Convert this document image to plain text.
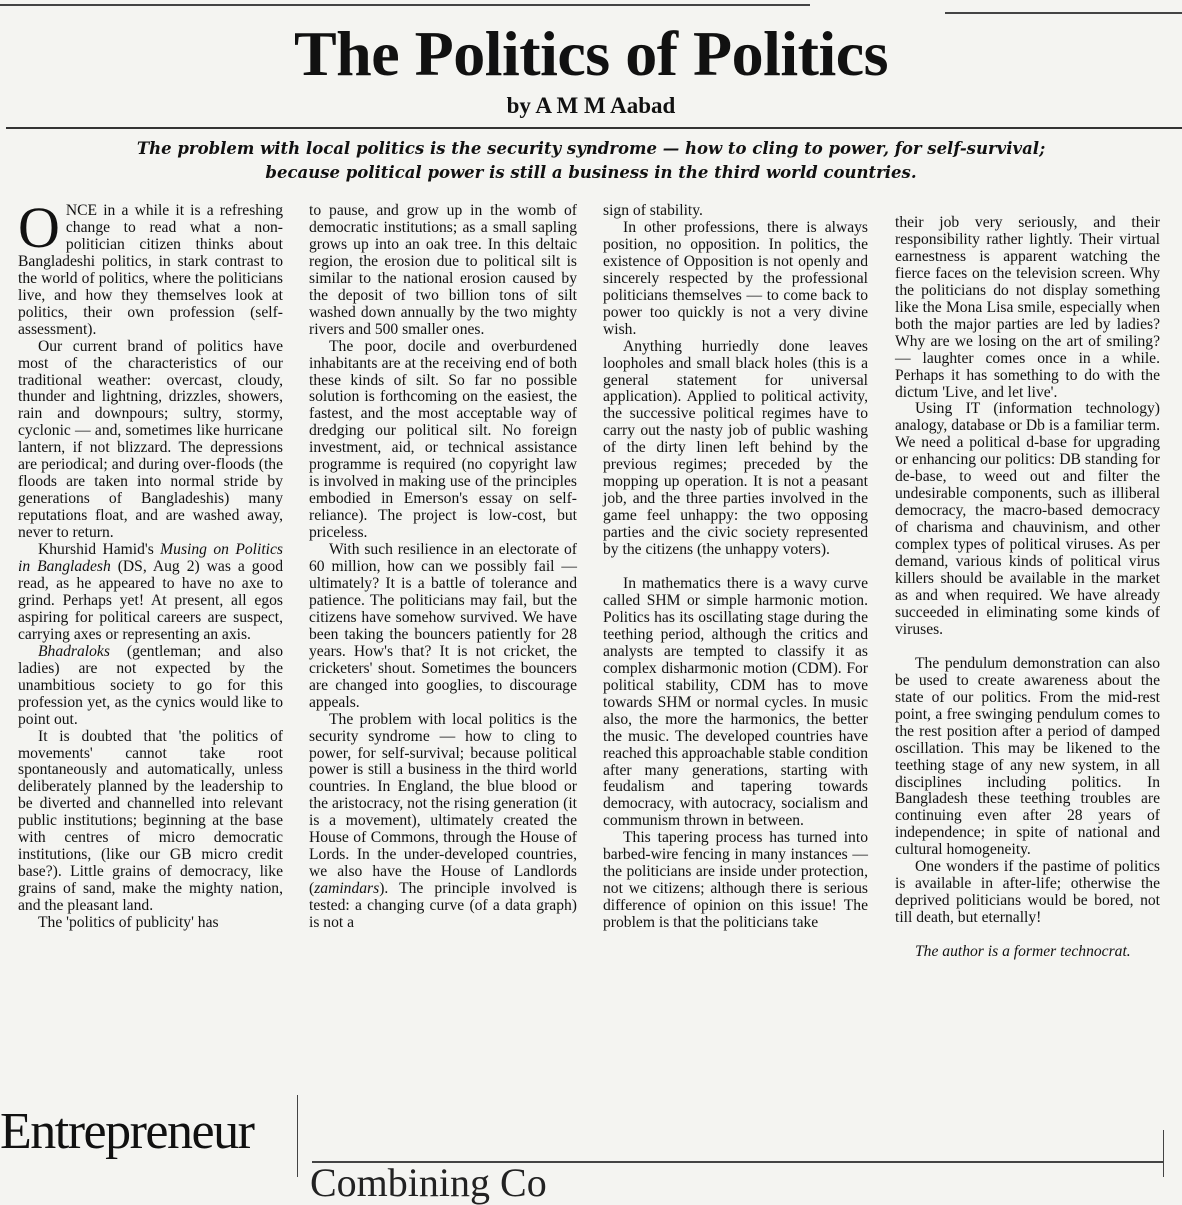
The Politics of Politics
by A M M Aabad
The problem with local politics is the security syndrome — how to cling to power, for self-survival;
because political power is still a business in the third world countries.

ONCE in a while it is a refreshing change to read what a non-politician citizen thinks about Bangladeshi politics, in stark contrast to the world of politics, where the politicians live, and how they themselves look at politics, their own profession (self-assessment).

Our current brand of politics have most of the characteristics of our traditional weather: overcast, cloudy, thunder and lightning, drizzles, showers, rain and downpours; sultry, stormy, cyclonic — and, sometimes like hurricane lantern, if not blizzard. The depressions are periodical; and during over-floods (the floods are taken into normal stride by generations of Bangladeshis) many reputations float, and are washed away, never to return.

Khurshid Hamid's Musing on Politics in Bangladesh (DS, Aug 2) was a good read, as he appeared to have no axe to grind. Perhaps yet! At present, all egos aspiring for political careers are suspect, carrying axes or representing an axis.

Bhadraloks (gentleman; and also ladies) are not expected by the unambitious society to go for this profession yet, as the cynics would like to point out.

It is doubted that 'the politics of movements' cannot take root spontaneously and automatically, unless deliberately planned by the leadership to be diverted and channelled into relevant public institutions; beginning at the base with centres of micro democratic institutions, (like our GB micro credit base?). Little grains of democracy, like grains of sand, make the mighty nation, and the pleasant land.

The 'politics of publicity' has

to pause, and grow up in the womb of democratic institutions; as a small sapling grows up into an oak tree. In this deltaic region, the erosion due to political silt is similar to the national erosion caused by the deposit of two billion tons of silt washed down annually by the two mighty rivers and 500 smaller ones.

The poor, docile and overburdened inhabitants are at the receiving end of both these kinds of silt. So far no possible solution is forthcoming on the easiest, the fastest, and the most acceptable way of dredging our political silt. No foreign investment, aid, or technical assistance programme is required (no copyright law is involved in making use of the principles embodied in Emerson's essay on self-reliance). The project is low-cost, but priceless.

With such resilience in an electorate of 60 million, how can we possibly fail — ultimately? It is a battle of tolerance and patience. The politicians may fail, but the citizens have somehow survived. We have been taking the bouncers patiently for 28 years. How's that? It is not cricket, the cricketers' shout. Sometimes the bouncers are changed into googlies, to discourage appeals.

The problem with local politics is the security syndrome — how to cling to power, for self-survival; because political power is still a business in the third world countries. In England, the blue blood or the aristocracy, not the rising generation (it is a movement), ultimately created the House of Commons, through the House of Lords. In the under-developed countries, we also have the House of Landlords (zamindars). The principle involved is tested: a changing curve (of a data graph) is not a

sign of stability.

In other professions, there is always position, no opposition. In politics, the existence of Opposition is not openly and sincerely respected by the professional politicians themselves — to come back to power too quickly is not a very divine wish.

Anything hurriedly done leaves loopholes and small black holes (this is a general statement for universal application). Applied to political activity, the successive political regimes have to carry out the nasty job of public washing of the dirty linen left behind by the previous regimes; preceded by the mopping up operation. It is not a peasant job, and the three parties involved in the game feel unhappy: the two opposing parties and the civic society represented by the citizens (the unhappy voters).

In mathematics there is a wavy curve called SHM or simple harmonic motion. Politics has its oscillating stage during the teething period, although the critics and analysts are tempted to classify it as complex disharmonic motion (CDM). For political stability, CDM has to move towards SHM or normal cycles. In music also, the more the harmonics, the better the music. The developed countries have reached this approachable stable condition after many generations, starting with feudalism and tapering towards democracy, with autocracy, socialism and communism thrown in between.

This tapering process has turned into barbed-wire fencing in many instances — the politicians are inside under protection, not we citizens; although there is serious difference of opinion on this issue! The problem is that the politicians take

their job very seriously, and their responsibility rather lightly. Their virtual earnestness is apparent watching the fierce faces on the television screen. Why the politicians do not display something like the Mona Lisa smile, especially when both the major parties are led by ladies? Why are we losing on the art of smiling? — laughter comes once in a while. Perhaps it has something to do with the dictum 'Live, and let live'.

Using IT (information technology) analogy, database or Db is a familiar term. We need a political d-base for upgrading or enhancing our politics: DB standing for de-base, to weed out and filter the undesirable components, such as illiberal democracy, the macro-based democracy of charisma and chauvinism, and other complex types of political viruses. As per demand, various kinds of political virus killers should be available in the market as and when required. We have already succeeded in eliminating some kinds of viruses.

The pendulum demonstration can also be used to create awareness about the state of our politics. From the mid-rest point, a free swinging pendulum comes to the rest position after a period of damped oscillation. This may be likened to the teething stage of any new system, in all disciplines including politics. In Bangladesh these teething troubles are continuing even after 28 years of independence; in spite of national and cultural homogeneity.

One wonders if the pastime of politics is available in after-life; otherwise the deprived politicians would be bored, not till death, but eternally!

The author is a former technocrat.

Entrepreneur
Combining Co
